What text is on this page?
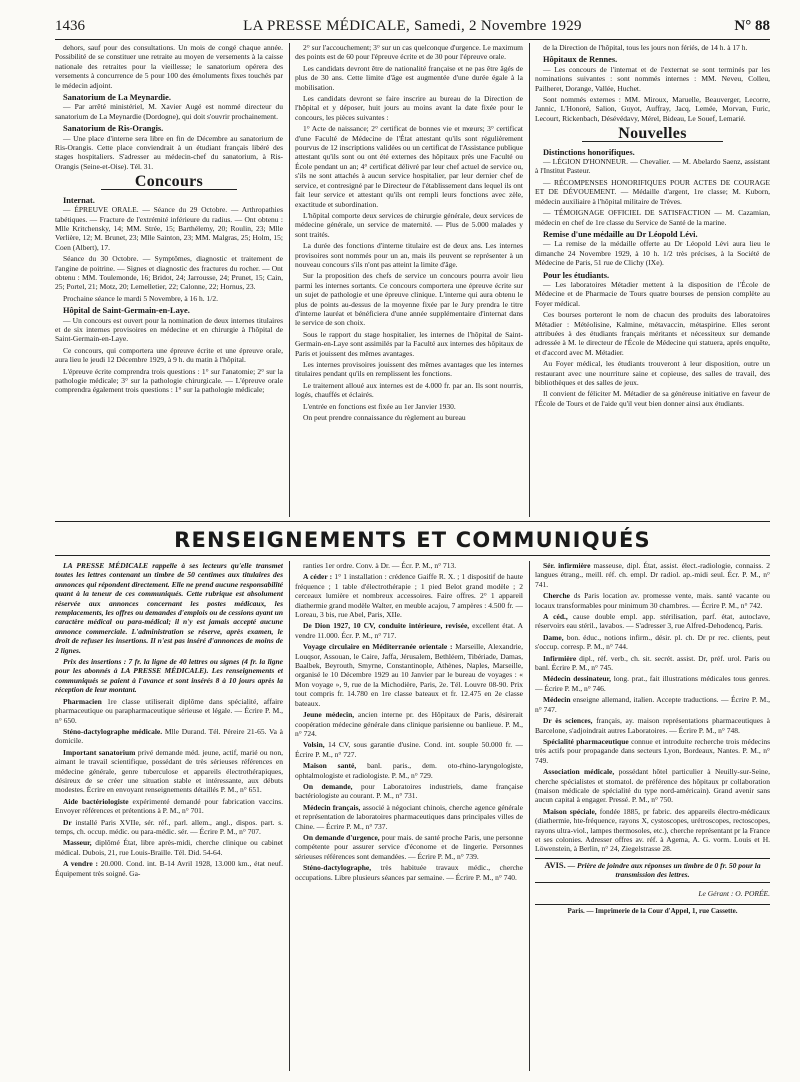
1436	LA PRESSE MÉDICALE, Samedi, 2 Novembre 1929	N° 88

dehors, sauf pour des consultations. Un mois de congé chaque année. Possibilité de se constituer une retraite au moyen de versements à la caisse nationale des retraites pour la vieillesse; le sanatorium opérera des versements à concurrence de 5 pour 100 des émoluments fixes touchés par le médecin adjoint.

Sanatorium de La Meynardie.

— Par arrêté ministériel, M. Xavier Augé est nommé directeur du sanatorium de La Meynardie (Dordogne), qui doit s'ouvrir prochainement.

Sanatorium de Ris-Orangis.

— Une place d'interne sera libre en fin de Décembre au sanatorium de Ris-Orangis. Cette place conviendrait à un étudiant français libéré des stages hospitaliers. S'adresser au médecin-chef du sanatorium, à Ris-Orangis (Seine-et-Oise). Tél. 31.

Concours
Internat.

— ÉPREUVE ORALE. — Séance du 29 Octobre. — Arthropathies tabétiques. — Fracture de l'extrémité inférieure du radius. — Ont obtenu : Mlle Kritchensky, 14; MM. Strée, 15; Barthélemy, 20; Roulin, 23; Mlle Verlière, 12; M. Brunet, 23; Mlle Sainton, 23; MM. Malgras, 25; Holm, 15; Coen (Albert), 17.

Séance du 30 Octobre. — Symptômes, diagnostic et traitement de l'angine de poitrine. — Signes et diagnostic des fractures du rocher. — Ont obtenu : MM. Toulemonde, 16; Bridot, 24; Jarrousse, 24; Prunet, 15; Cain, 25; Portel, 21; Motz, 20; Lemelletier, 22; Calonne, 22; Hornus, 23.

Prochaine séance le mardi 5 Novembre, à 16 h. 1/2.

Hôpital de Saint-Germain-en-Laye.

— Un concours est ouvert pour la nomination de deux internes titulaires et de six internes provisoires en médecine et en chirurgie à l'hôpital de Saint-Germain-en-Laye.

Ce concours, qui comportera une épreuve écrite et une épreuve orale, aura lieu le jeudi 12 Décembre 1929, à 9 h. du matin à l'hôpital.

L'épreuve écrite comprendra trois questions : 1° sur l'anatomie; 2° sur la pathologie médicale; 3° sur la pathologie chirurgicale. — L'épreuve orale comprendra également trois questions : 1° sur la pathologie médicale;

2° sur l'accouchement; 3° sur un cas quelconque d'urgence. Le maximum des points est de 60 pour l'épreuve écrite et de 30 pour l'épreuve orale.

Les candidats devront être de nationalité française et ne pas être âgés de plus de 30 ans. Cette limite d'âge est augmentée d'une durée égale à la mobilisation.

Les candidats devront se faire inscrire au bureau de la Direction de l'hôpital et y déposer, huit jours au moins avant la date fixée pour le concours, les pièces suivantes :

1° Acte de naissance; 2° certificat de bonnes vie et mœurs; 3° certificat d'une Faculté de Médecine de l'État attestant qu'ils sont régulièrement pourvus de 12 inscriptions validées ou un certificat de l'Assistance publique attestant qu'ils sont ou ont été externes des hôpitaux près une Faculté ou École pendant un an; 4° certificat délivré par leur chef actuel de service ou, s'ils ne sont attachés à aucun service hospitalier, par leur dernier chef de service, et contresigné par le Directeur de l'établissement dans lequel ils ont fait leur service et attestant qu'ils ont rempli leurs fonctions avec zèle, exactitude et subordination.

L'hôpital comporte deux services de chirurgie générale, deux services de médecine générale, un service de maternité. — Plus de 5.000 malades y sont traités.

La durée des fonctions d'interne titulaire est de deux ans. Les internes provisoires sont nommés pour un an, mais ils peuvent se représenter à un nouveau concours s'ils n'ont pas atteint la limite d'âge.

Sur la proposition des chefs de service un concours pourra avoir lieu parmi les internes sortants. Ce concours comportera une épreuve écrite sur un sujet de pathologie et une épreuve clinique. L'interne qui aura obtenu le plus de points au-dessus de la moyenne fixée par le Jury prendra le titre d'interne lauréat et bénéficiera d'une année supplémentaire d'internat dans le service de son choix.

Sous le rapport du stage hospitalier, les internes de l'hôpital de Saint-Germain-en-Laye sont assimilés par la Faculté aux internes des hôpitaux de Paris et jouissent des mêmes avantages.

Les internes provisoires jouissent des mêmes avantages que les internes titulaires pendant qu'ils en remplissent les fonctions.

Le traitement alloué aux internes est de 4.000 fr. par an. Ils sont nourris, logés, chauffés et éclairés.

L'entrée en fonctions est fixée au 1er Janvier 1930.

On peut prendre connaissance du règlement au bureau

de la Direction de l'hôpital, tous les jours non fériés, de 14 h. à 17 h.

Hôpitaux de Rennes.

— Les concours de l'internat et de l'externat se sont terminés par les nominations suivantes : sont nommés internes : MM. Neveu, Colleu, Pailheret, Dorange, Vallée, Huchet.

Sont nommés externes : MM. Miroux, Maruelle, Beauverger, Lecorre, Jannic, L'Honoré, Salion, Guyot, Auffray, Jacq, Lemée, Morvan, Furic, Lecourt, Rickenbach, Désévédavy, Mérel, Bideau, Le Souef, Lemarié.

Nouvelles
Distinctions honorifiques.

— LÉGION D'HONNEUR. — Chevalier. — M. Abelardo Saenz, assistant à l'Institut Pasteur.

— RÉCOMPENSES HONORIFIQUES POUR ACTES DE COURAGE ET DE DÉVOUEMENT. — Médaille d'argent, 1re classe; M. Kuborn, médecin auxiliaire à l'hôpital militaire de Trèves.

— TÉMOIGNAGE OFFICIEL DE SATISFACTION — M. Cazamian, médecin en chef de 1re classe du Service de Santé de la marine.

Remise d'une médaille au Dr Léopold Lévi.

— La remise de la médaille offerte au Dr Léopold Lévi aura lieu le dimanche 24 Novembre 1929, à 10 h. 1/2 très précises, à la Société de Médecine de Paris, 51 rue de Clichy (IXe).

Pour les étudiants.

— Les laboratoires Métadier mettent à la disposition de l'École de Médecine et de Pharmacie de Tours quatre bourses de pension complète au Foyer médical.

Ces bourses porteront le nom de chacun des produits des laboratoires Métadier : Météolisine, Kalmine, métavaccin, métaspirine. Elles seront attribuées à des étudiants français méritants et nécessiteux sur demande adressée à M. le directeur de l'École de Médecine qui statuera, après enquête, et d'accord avec M. Métadier.

Au Foyer médical, les étudiants trouveront à leur disposition, outre un restaurant avec une nourriture saine et copieuse, des salles de travail, des bibliothèques et des salles de jeux.

Il convient de féliciter M. Métadier de sa généreuse initiative en faveur de l'École de Tours et de l'aide qu'il veut bien donner ainsi aux étudiants.

RENSEIGNEMENTS ET COMMUNIQUÉS

LA PRESSE MÉDICALE rappelle à ses lecteurs qu'elle transmet toutes les lettres contenant un timbre de 50 centimes aux titulaires des annonces qui répondent directement. Elle ne prend aucune responsabilité quant à la teneur de ces communiqués. Cette rubrique est absolument réservée aux annonces concernant les postes médicaux, les remplacements, les offres ou demandes d'emplois ou de cessions ayant un caractère médical ou para-médical; il n'y est jamais accepté aucune annonce commerciale. L'administration se réserve, après examen, le droit de refuser les insertions. Il n'est pas inséré d'annonces de moins de 2 lignes.

Prix des insertions : 7 fr. la ligne de 40 lettres ou signes (4 fr. la ligne pour les abonnés à LA PRESSE MÉDICALE). Les renseignements et communiqués se paient à l'avance et sont insérés 8 à 10 jours après la réception de leur montant.

Pharmacien 1re classe utiliserait diplôme dans spécialité, affaire pharmaceutique ou parapharmaceutique sérieuse et légale. — Écrire P. M., n° 650.

Sténo-dactylographe médicale. Mlle Durand. Tél. Péreire 21-65. Va à domicile.

Important sanatorium privé demande méd. jeune, actif, marié ou non, aimant le travail scientifique, possédant de très sérieuses références en médecine générale, genre tuberculose et appareils électrothérapiques, désireux de se créer une situation stable et intéressante, aux débuts modestes. Écrire en envoyant renseignements détaillés P. M., n° 651.

Aide bactériologiste expérimenté demandé pour fabrication vaccins. Envoyer références et prétentions à P. M., n° 701.

Dr installé Paris XVIIe, sér. réf., parl. allem., angl., dispos. part. s. temps, ch. occup. médic. ou para-médic. sér. — Écrire P. M., n° 707.

Masseur, diplômé État, libre après-midi, cherche clinique ou cabinet médical. Dubois, 21, rue Louis-Braille. Tél. Did. 54-64.

A vendre : 20.000. Cond. int. B-14 Avril 1928, 13.000 km., état neuf. Équipement très soigné. Ga-

ranties 1er ordre. Conv. à Dr. — Écr. P. M., n° 713.

A céder : 1° 1 installation : crédence Gaiffe R. X. ; 1 dispositif de haute fréquence ; 1 table d'électrothérapie ; 1 pied Belot grand modèle ; 2 cerceaux lumière et nombreux accessoires. Faire offres. 2° 1 appareil diathermie grand modèle Walter, en meuble acajou, 7 ampères : 4.500 fr. — Loreau, 3 bis, rue Abel, Paris, XIIe.

De Dion 1927, 10 CV, conduite intérieure, revisée, excellent état. A vendre 11.000. Écr. P. M., n° 717.

Voyage circulaire en Méditerranée orientale : Marseille, Alexandrie, Louqsor, Assouan, le Caire, Jaffa, Jérusalem, Bethléem, Tibériade, Damas, Baalbek, Beyrouth, Smyrne, Constantinople, Athènes, Naples, Marseille, organisé le 10 Décembre 1929 au 10 Janvier par le bureau de voyages : « Mon voyage », 9, rue de la Michodière, Paris, 2e. Tél. Louvre 08-90. Prix tout compris fr. 14.780 en 1re classe bateaux et fr. 12.475 en 2e classe bateaux.

Jeune médecin, ancien interne pr. des Hôpitaux de Paris, désirerait coopération médecine générale dans clinique parisienne ou banlieue. P. M., n° 724.

Volsin, 14 CV, sous garantie d'usine. Cond. int. souple 50.000 fr. — Écrire P. M., n° 727.

Maison santé, banl. paris., dem. oto-rhino-laryngologiste, ophtalmologiste et radiologiste. P. M., n° 729.

On demande, pour Laboratoires industriels, dame française bactériologiste au courant. P. M., n° 731.

Médecin français, associé à négociant chinois, cherche agence générale et représentation de laboratoires pharmaceutiques dans principales villes de Chine. — Écrire P. M., n° 737.

On demande d'urgence, pour mais. de santé proche Paris, une personne compétente pour assurer service d'économe et de lingerie. Personnes sérieuses références sont demandées. — Écrire P. M., n° 739.

Sténo-dactylographe, très habituée travaux médic., cherche occupations. Libre plusieurs séances par semaine. — Écrire P. M., n° 740.

Sér. infirmière masseuse, dipl. État, assist. élect.-radiologie, connaiss. 2 langues étrang., meill. réf. ch. empl. Dr radiol. ap.-midi seul. Écr. P. M., n° 741.

Cherche ds Paris location av. promesse vente, mais. santé vacante ou locaux transformables pour minimum 30 chambres. — Écrire P. M., n° 742.

A céd., cause double empl. app. stérilisation, parf. état, autoclave, réservoirs eau stéril., lavabos. — S'adresser 3, rue Alfred-Dehodencq, Paris.

Dame, bon. éduc., notions infirm., désir. pl. ch. Dr pr rec. clients, peut s'occup. corresp. P. M., n° 744.

Infirmière dipl., réf. verb., ch. sit. secrét. assist. Dr, préf. urol. Paris ou banl. Écrire P. M., n° 745.

Médecin dessinateur, long. prat., fait illustrations médicales tous genres. — Écrire P. M., n° 746.

Médecin enseigne allemand, italien. Accepte traductions. — Écrire P. M., n° 747.

Dr ès sciences, français, ay. maison représentations pharmaceutiques à Barcelone, s'adjoindrait autres Laboratoires. — Écrire P. M., n° 748.

Spécialité pharmaceutique connue et introduite recherche trois médecins très actifs pour propagande dans secteurs Lyon, Bordeaux, Nantes. P. M., n° 749.

Association médicale, possédant hôtel particulier à Neuilly-sur-Seine, cherche spécialistes et stomatol. de préférence des hôpitaux pr collaboration (maison médicale de spécialité du type nord-américain). Grand avenir sans aucun capital à engager. Pressé. P. M., n° 750.

Maison spéciale, fondée 1885, pr fabric. des appareils électro-médicaux (diathermie, hte-fréquence, rayons X, cystoscopes, urétroscopes, rectoscopes, rayons ultra-viol., lampes thermosoles, etc.), cherche représentant pr la France et ses colonies. Adresser offres av. réf. à Agema, A. G. vorm. Louis et H. Löwenstein, à Berlin, n° 24, Ziegelstrasse 28.

AVIS. — Prière de joindre aux réponses un timbre de 0 fr. 50 pour la transmission des lettres.

Le Gérant : O. PORÉE.

Paris. — Imprimerie de la Cour d'Appel, 1, rue Cassette.
